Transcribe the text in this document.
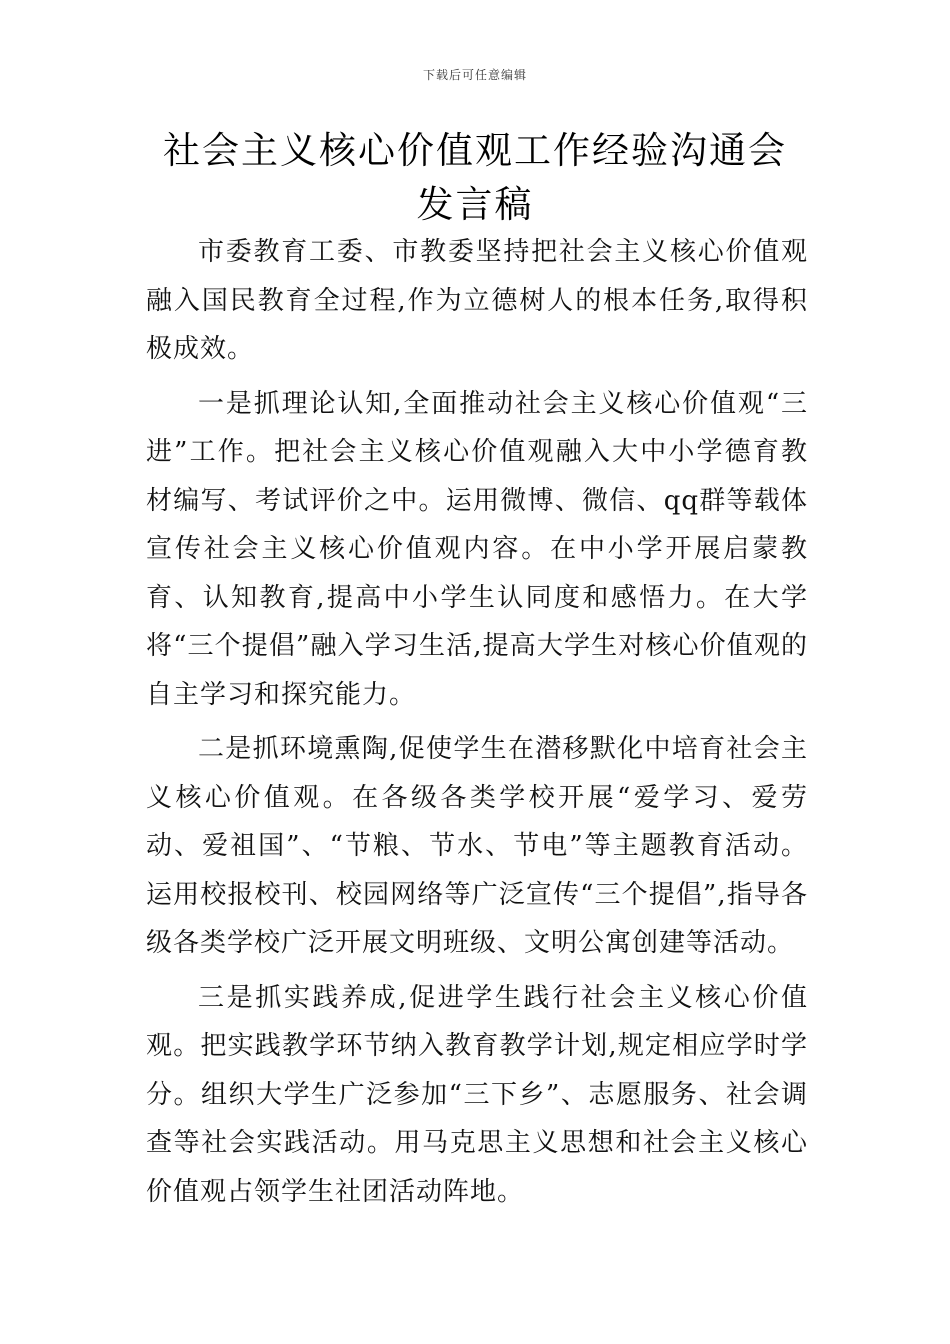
下载后可任意编辑
社会主义核心价值观工作经验沟通会发言稿

市委教育工委、市教委坚持把社会主义核心价值观融入国民教育全过程,作为立德树人的根本任务,取得积极成效。

一是抓理论认知,全面推动社会主义核心价值观“三进”工作。把社会主义核心价值观融入大中小学德育教材编写、考试评价之中。运用微博、微信、qq群等载体宣传社会主义核心价值观内容。在中小学开展启蒙教育、认知教育,提高中小学生认同度和感悟力。在大学将“三个提倡”融入学习生活,提高大学生对核心价值观的自主学习和探究能力。

二是抓环境熏陶,促使学生在潜移默化中培育社会主义核心价值观。在各级各类学校开展“爱学习、爱劳动、爱祖国”、“节粮、节水、节电”等主题教育活动。运用校报校刊、校园网络等广泛宣传“三个提倡”,指导各级各类学校广泛开展文明班级、文明公寓创建等活动。

三是抓实践养成,促进学生践行社会主义核心价值观。把实践教学环节纳入教育教学计划,规定相应学时学分。组织大学生广泛参加“三下乡”、志愿服务、社会调查等社会实践活动。用马克思主义思想和社会主义核心价值观占领学生社团活动阵地。
